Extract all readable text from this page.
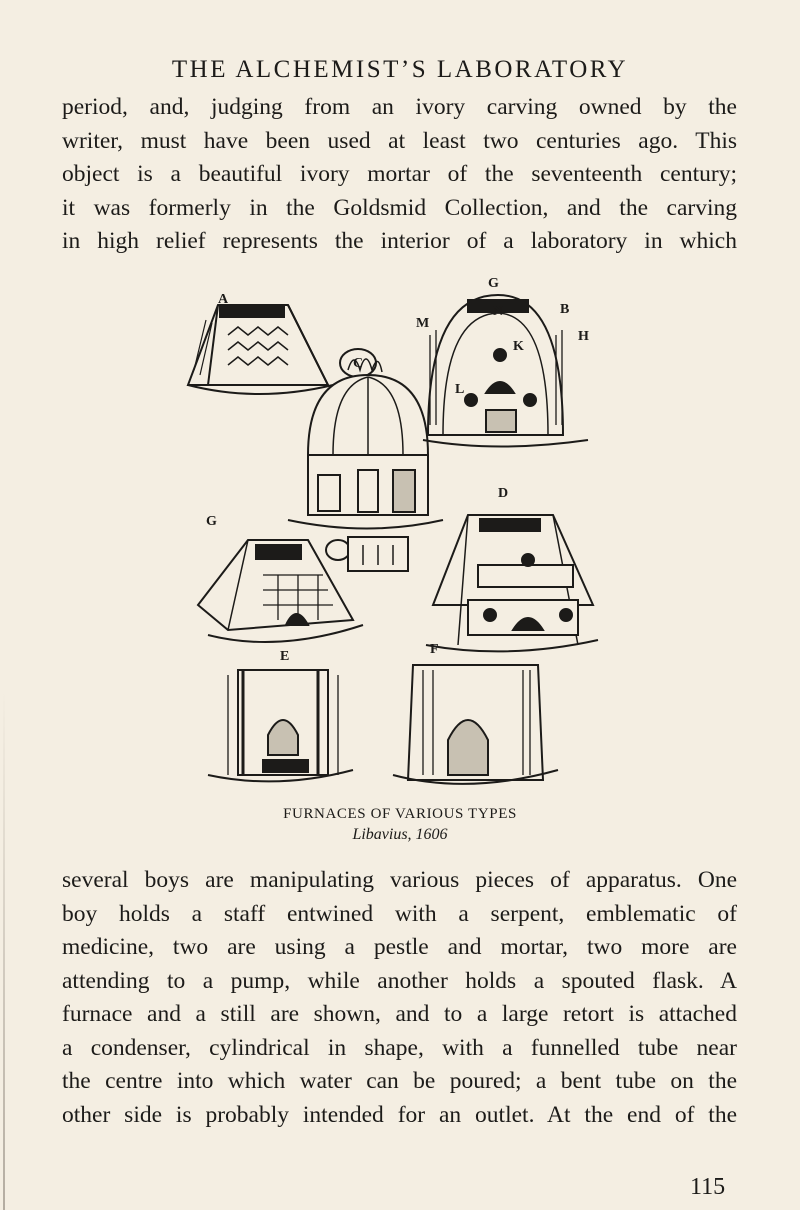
THE ALCHEMIST’S LABORATORY
period, and, judging from an ivory carving owned by the
writer, must have been used at least two centuries ago. This
object is a beautiful ivory mortar of the seventeenth century;
it was formerly in the Goldsmid Collection, and the carving
in high relief represents the interior of a laboratory in which
A
G
B
M
H
N
K
L
C
D
G
E	F
FURNACES OF VARIOUS TYPES
Libavius, 1606
several boys are manipulating various pieces of apparatus. One
boy holds a staff entwined with a serpent, emblematic of
medicine, two are using a pestle and mortar, two more are
attending to a pump, while another holds a spouted flask. A
furnace and a still are shown, and to a large retort is attached
a condenser, cylindrical in shape, with a funnelled tube near
the centre into which water can be poured; a bent tube on the
other side is probably intended for an outlet. At the end of the
115
